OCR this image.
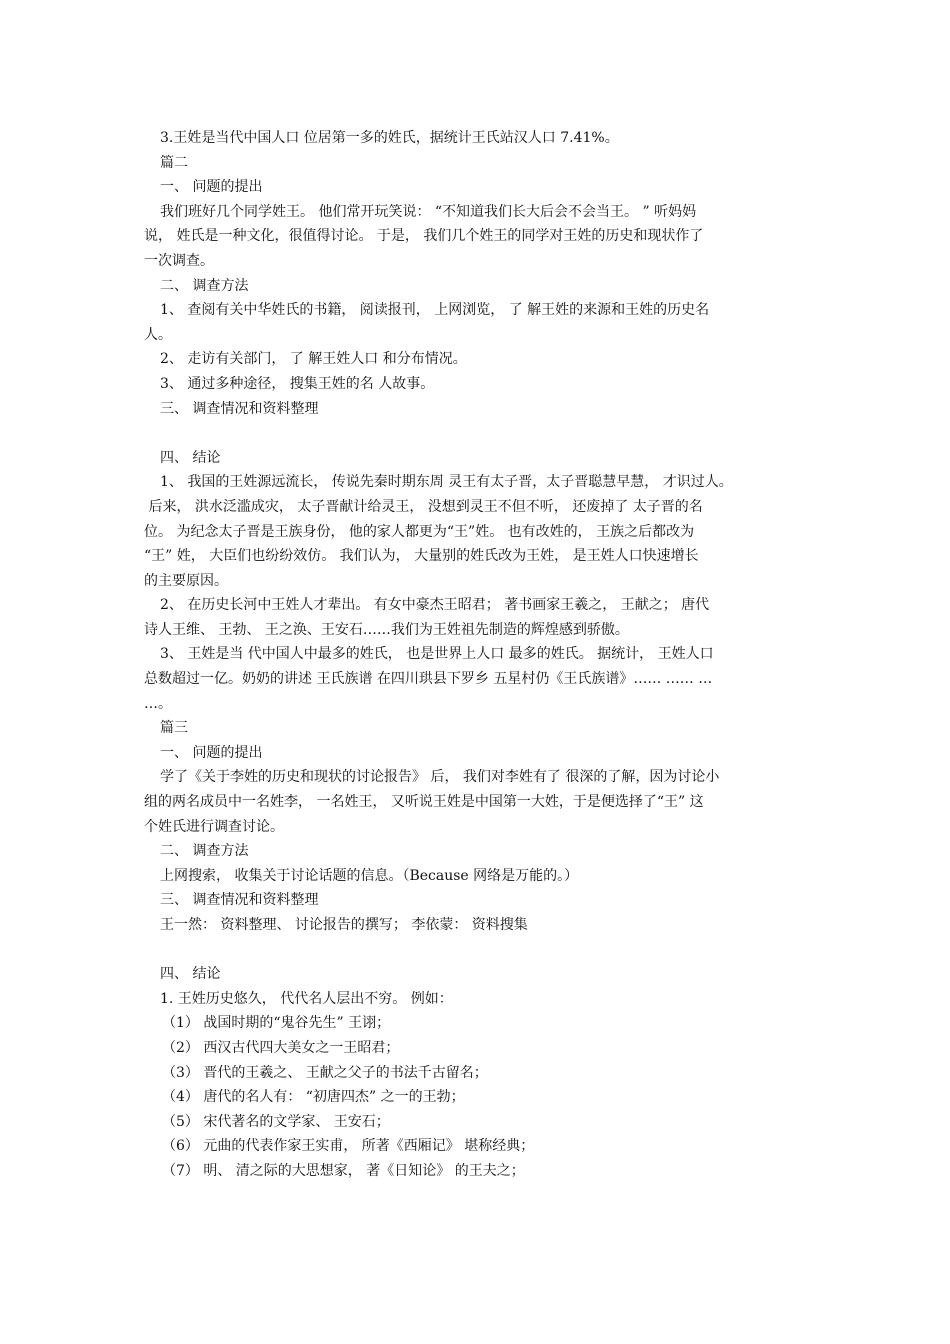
3.王姓是当代中国人口 位居第一多的姓氏，据统计王氏站汉人口 7.41%。
篇二
一、 问题的提出
我们班好几个同学姓王。 他们常开玩笑说： “不知道我们长大后会不会当王。 ” 听妈妈
说， 姓氏是一种文化，很值得讨论。 于是， 我们几个姓王的同学对王姓的历史和现状作了
一次调查。
二、 调查方法
1、 查阅有关中华姓氏的书籍， 阅读报刊， 上网浏览， 了 解王姓的来源和王姓的历史名
人。
2、 走访有关部门， 了 解王姓人口 和分布情况。
3、 通过多种途径， 搜集王姓的名 人故事。
三、 调查情况和资料整理
四、 结论
1、 我国的王姓源远流长， 传说先秦时期东周 灵王有太子晋，太子晋聪慧早慧， 才识过人。
后来， 洪水泛滥成灾， 太子晋献计给灵王， 没想到灵王不但不听， 还废掉了 太子晋的名
位。 为纪念太子晋是王族身份， 他的家人都更为“王”姓。 也有改姓的， 王族之后都改为
“王” 姓， 大臣们也纷纷效仿。 我们认为， 大量别的姓氏改为王姓， 是王姓人口快速增长
的主要原因。
2、 在历史长河中王姓人才辈出。 有女中豪杰王昭君； 著书画家王羲之， 王献之； 唐代
诗人王维、 王勃、 王之涣、王安石……我们为王姓祖先制造的辉煌感到骄傲。
3、 王姓是当 代中国人中最多的姓氏， 也是世界上人口 最多的姓氏。 据统计， 王姓人口
总数超过一亿。奶奶的讲述 王氏族谱 在四川珙县下罗乡 五星村仍《王氏族谱》…… …… …
…。
篇三
一、 问题的提出
学了《关于李姓的历史和现状的讨论报告》 后， 我们对李姓有了 很深的了解，因为讨论小
组的两名成员中一名姓李， 一名姓王， 又听说王姓是中国第一大姓，于是便选择了“王” 这
个姓氏进行调查讨论。
二、 调查方法
上网搜索， 收集关于讨论话题的信息。（Because 网络是万能的。）
三、 调查情况和资料整理
王一然： 资料整理、 讨论报告的撰写； 李依蒙： 资料搜集
四、 结论
1. 王姓历史悠久， 代代名人层出不穷。 例如：
（1） 战国时期的“鬼谷先生” 王诩；
（2） 西汉古代四大美女之一王昭君；
（3） 晋代的王羲之、 王献之父子的书法千古留名；
（4） 唐代的名人有： “初唐四杰” 之一的王勃；
（5） 宋代著名的文学家、 王安石；
（6） 元曲的代表作家王实甫， 所著《西厢记》 堪称经典；
（7） 明、 清之际的大思想家， 著《日知论》 的王夫之；
